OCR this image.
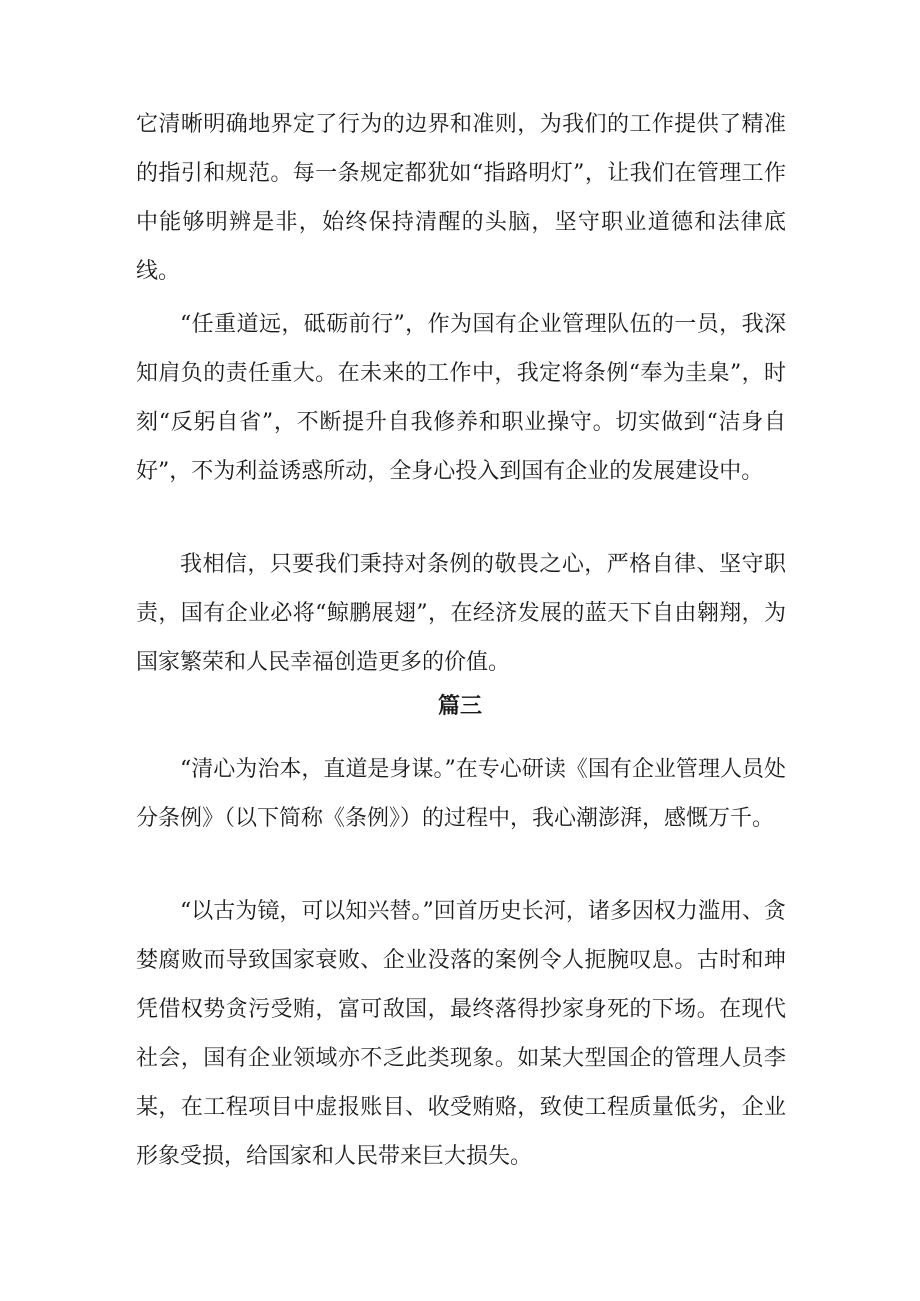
它清晰明确地界定了行为的边界和准则，为我们的工作提供了精准的指引和规范。每一条规定都犹如“指路明灯”，让我们在管理工作中能够明辨是非，始终保持清醒的头脑，坚守职业道德和法律底线。

“任重道远，砥砺前行”，作为国有企业管理队伍的一员，我深知肩负的责任重大。在未来的工作中，我定将条例“奉为圭臬”，时刻“反躬自省”，不断提升自我修养和职业操守。切实做到“洁身自好”，不为利益诱惑所动，全身心投入到国有企业的发展建设中。

我相信，只要我们秉持对条例的敬畏之心，严格自律、坚守职责，国有企业必将“鲸鹏展翅”，在经济发展的蓝天下自由翱翔，为国家繁荣和人民幸福创造更多的价值。

篇三

“清心为治本，直道是身谋。”在专心研读《国有企业管理人员处分条例》（以下简称《条例》）的过程中，我心潮澎湃，感慨万千。

“以古为镜，可以知兴替。”回首历史长河，诸多因权力滥用、贪婪腐败而导致国家衰败、企业没落的案例令人扼腕叹息。古时和珅凭借权势贪污受贿，富可敌国，最终落得抄家身死的下场。在现代社会，国有企业领域亦不乏此类现象。如某大型国企的管理人员李某，在工程项目中虚报账目、收受贿赂，致使工程质量低劣，企业形象受损，给国家和人民带来巨大损失。
